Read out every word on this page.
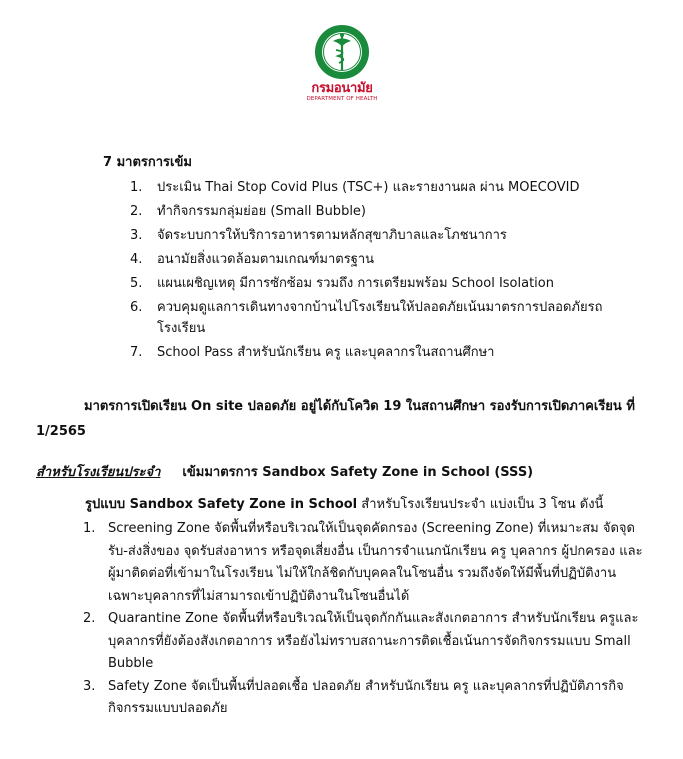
กรมอนามัย
DEPARTMENT OF HEALTH
7 มาตรการเข้ม
1. ประเมิน Thai Stop Covid Plus (TSC+) และรายงานผล ผ่าน MOECOVID
2. ทำกิจกรรมกลุ่มย่อย (Small Bubble)
3. จัดระบบการให้บริการอาหารตามหลักสุขาภิบาลและโภชนาการ
4. อนามัยสิ่งแวดล้อมตามเกณฑ์มาตรฐาน
5. แผนเผชิญเหตุ มีการซักซ้อม รวมถึง การเตรียมพร้อม School Isolation
6. ควบคุมดูแลการเดินทางจากบ้านไปโรงเรียนให้ปลอดภัยเน้นมาตรการปลอดภัยรถโรงเรียน
7. School Pass สำหรับนักเรียน ครู และบุคลากรในสถานศึกษา
มาตรการเปิดเรียน On site ปลอดภัย อยู่ได้กับโควิด 19 ในสถานศึกษา รองรับการเปิดภาคเรียน ที่ 1/2565
สำหรับโรงเรียนประจำ เข้มมาตรการ Sandbox Safety Zone in School (SSS)
รูปแบบ Sandbox Safety Zone in School สำหรับโรงเรียนประจำ แบ่งเป็น 3 โซน ดังนี้
1. Screening Zone จัดพื้นที่หรือบริเวณให้เป็นจุดคัดกรอง (Screening Zone) ที่เหมาะสม จัดจุดรับ-ส่งสิ่งของ จุดรับส่งอาหาร หรือจุดเสี่ยงอื่น เป็นการจำแนกนักเรียน ครู บุคลากร ผู้ปกครอง และผู้มาติดต่อที่เข้ามาในโรงเรียน ไม่ให้ใกล้ชิดกับบุคคลในโซนอื่น รวมถึงจัดให้มีพื้นที่ปฏิบัติงานเฉพาะบุคลากรที่ไม่สามารถเข้าปฏิบัติงานในโซนอื่นได้
2. Quarantine Zone จัดพื้นที่หรือบริเวณให้เป็นจุดกักกันและสังเกตอาการ สำหรับนักเรียน ครูและบุคลากรที่ยังต้องสังเกตอาการ หรือยังไม่ทราบสถานะการติดเชื้อเน้นการจัดกิจกรรมแบบ Small Bubble
3. Safety Zone จัดเป็นพื้นที่ปลอดเชื้อ ปลอดภัย สำหรับนักเรียน ครู และบุคลากรที่ปฏิบัติภารกิจกิจกรรมแบบปลอดภัย
